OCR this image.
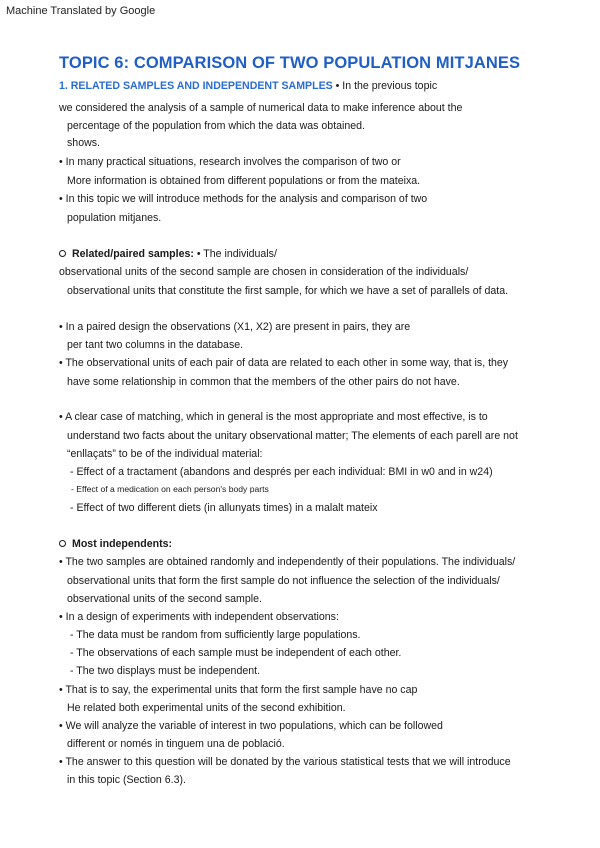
Machine Translated by Google
TOPIC 6: COMPARISON OF TWO POPULATION MITJANES
1. RELATED SAMPLES AND INDEPENDENT SAMPLES • In the previous topic
we considered the analysis of a sample of numerical data to make inference about the
percentage of the population from which the data was obtained.
shows.
• In many practical situations, research involves the comparison of two or
More information is obtained from different populations or from the mateixa.
• In this topic we will introduce methods for the analysis and comparison of two
population mitjanes.
Related/paired samples: • The individuals/
observational units of the second sample are chosen in consideration of the individuals/
observational units that constitute the first sample, for which we have a set of parallels of data.
• In a paired design the observations (X1, X2) are present in pairs, they are
per tant two columns in the database.
• The observational units of each pair of data are related to each other in some way, that is, they
have some relationship in common that the members of the other pairs do not have.
• A clear case of matching, which in general is the most appropriate and most effective, is to
understand two facts about the unitary observational matter; The elements of each parell are not
“enllaçats” to be of the individual material:
- Effect of a tractament (abandons and després per each individual: BMI in w0 and in w24)
- Effect of a medication on each person's body parts
- Effect of two different diets (in allunyats times) in a malalt mateix
Most independents:
• The two samples are obtained randomly and independently of their populations. The individuals/
observational units that form the first sample do not influence the selection of the individuals/
observational units of the second sample.
• In a design of experiments with independent observations:
- The data must be random from sufficiently large populations.
- The observations of each sample must be independent of each other.
- The two displays must be independent.
• That is to say, the experimental units that form the first sample have no cap
He related both experimental units of the second exhibition.
• We will analyze the variable of interest in two populations, which can be followed
different or només in tinguem una de població.
• The answer to this question will be donated by the various statistical tests that we will introduce
in this topic (Section 6.3).
